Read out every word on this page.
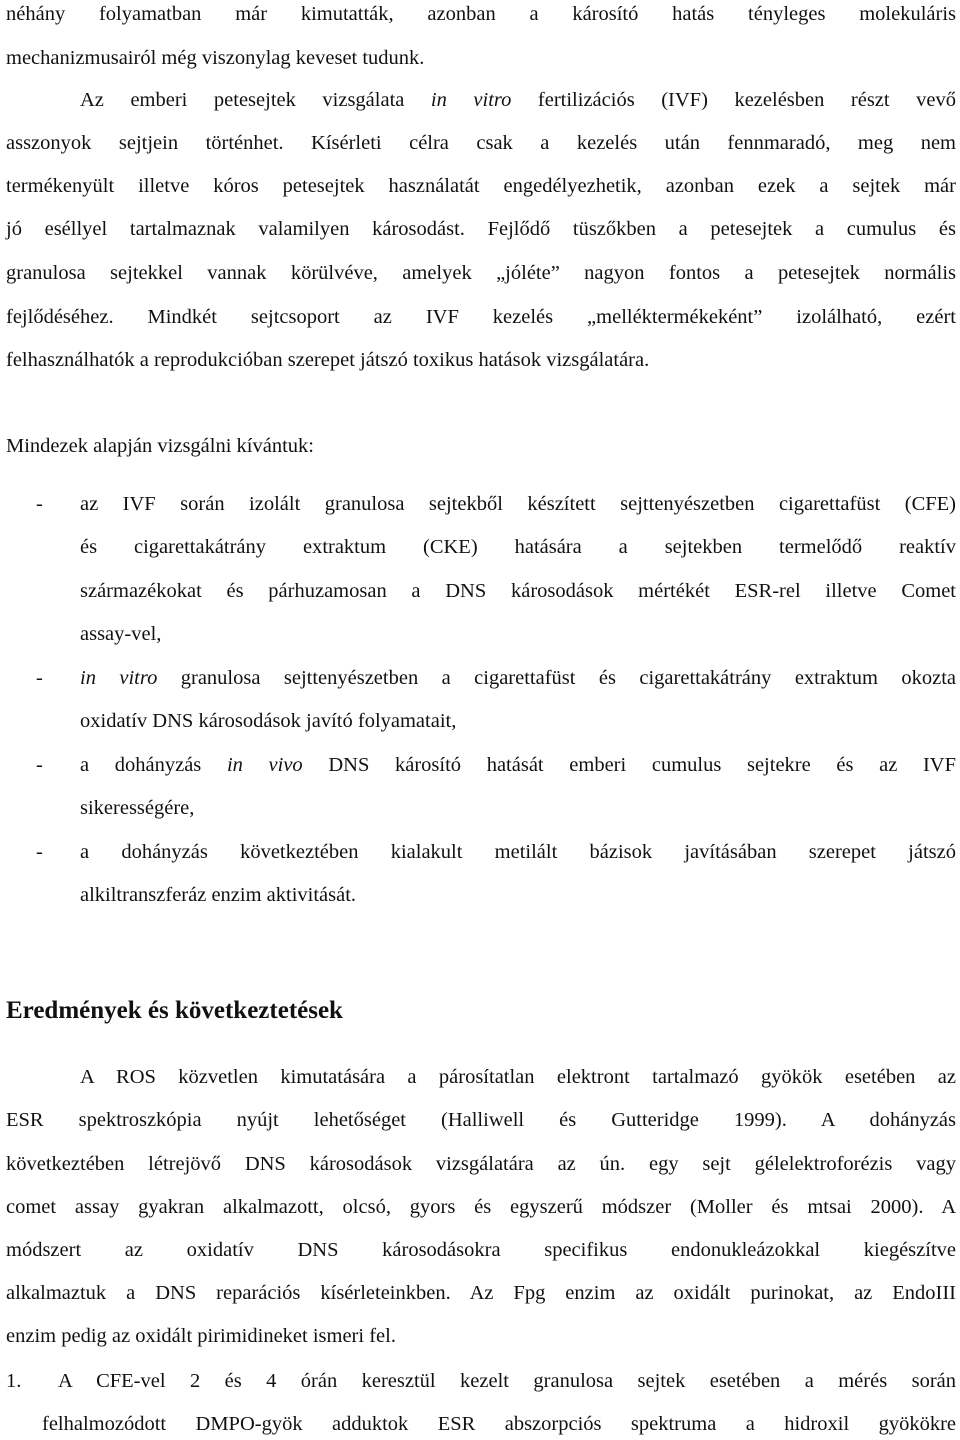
néhány folyamatban már kimutatták, azonban a károsító hatás tényleges molekuláris
mechanizmusairól még viszonylag keveset tudunk.
Az emberi petesejtek vizsgálata in vitro fertilizációs (IVF) kezelésben részt vevő
asszonyok sejtjein történhet. Kísérleti célra csak a kezelés után fennmaradó, meg nem
termékenyült illetve kóros petesejtek használatát engedélyezhetik, azonban ezek a sejtek már
jó eséllyel tartalmaznak valamilyen károsodást. Fejlődő tüszőkben a petesejtek a cumulus és
granulosa sejtekkel vannak körülvéve, amelyek „jóléte” nagyon fontos a petesejtek normális
fejlődéséhez. Mindkét sejtcsoport az IVF kezelés „melléktermékeként” izolálható, ezért
felhasználhatók a reprodukcióban szerepet játszó toxikus hatások vizsgálatára.
Mindezek alapján vizsgálni kívántuk:
- az IVF során izolált granulosa sejtekből készített sejttenyészetben cigarettafüst (CFE)
és cigarettakátrány extraktum (CKE) hatására a sejtekben termelődő reaktív
származékokat és párhuzamosan a DNS károsodások mértékét ESR-rel illetve Comet
assay-vel,
- in vitro granulosa sejttenyészetben a cigarettafüst és cigarettakátrány extraktum okozta
oxidatív DNS károsodások javító folyamatait,
- a dohányzás in vivo DNS károsító hatását emberi cumulus sejtekre és az IVF
sikerességére,
- a dohányzás következtében kialakult metilált bázisok javításában szerepet játszó
alkiltranszferáz enzim aktivitását.
Eredmények és következtetések
A ROS közvetlen kimutatására a párosítatlan elektront tartalmazó gyökök esetében az
ESR spektroszkópia nyújt lehetőséget (Halliwell és Gutteridge 1999). A dohányzás
következtében létrejövő DNS károsodások vizsgálatára az ún. egy sejt gélelektroforézis vagy
comet assay gyakran alkalmazott, olcsó, gyors és egyszerű módszer (Moller és mtsai 2000). A
módszert az oxidatív DNS károsodásokra specifikus endonukleázokkal kiegészítve
alkalmaztuk a DNS reparációs kísérleteinkben. Az Fpg enzim az oxidált purinokat, az EndoIII
enzim pedig az oxidált pirimidineket ismeri fel.
1. A CFE-vel 2 és 4 órán keresztül kezelt granulosa sejtek esetében a mérés során
felhalmozódott DMPO-gyök adduktok ESR abszorpciós spektruma a hidroxil gyökökre
